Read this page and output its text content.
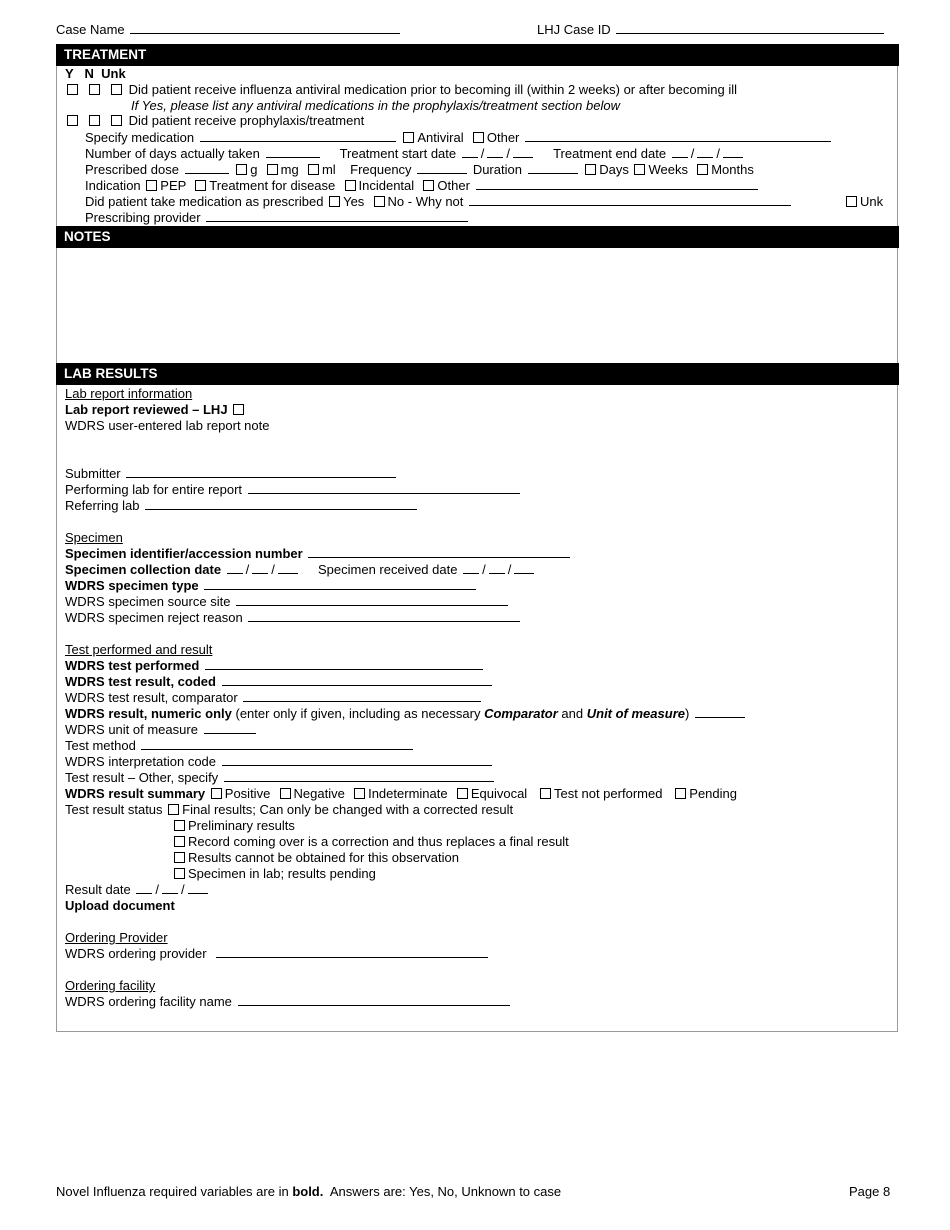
Case Name	LHJ Case ID
TREATMENT
Y N Unk
Did patient receive influenza antiviral medication prior to becoming ill (within 2 weeks) or after becoming ill
If Yes, please list any antiviral medications in the prophylaxis/treatment section below
Did patient receive prophylaxis/treatment
Specify medication	Antiviral Other
Number of days actually taken	Treatment start date / /	Treatment end date / /
Prescribed dose	g mg ml Frequency	Duration	Days Weeks Months
Indication PEP Treatment for disease Incidental Other
Did patient take medication as prescribed Yes No - Why not	Unk
Prescribing provider
NOTES
LAB RESULTS
Lab report information
Lab report reviewed – LHJ
WDRS user-entered lab report note
Submitter
Performing lab for entire report
Referring lab
Specimen
Specimen identifier/accession number
Specimen collection date / /	Specimen received date / /
WDRS specimen type
WDRS specimen source site
WDRS specimen reject reason
Test performed and result
WDRS test performed
WDRS test result, coded
WDRS test result, comparator
WDRS result, numeric only (enter only if given, including as necessary Comparator and Unit of measure)
WDRS unit of measure
Test method
WDRS interpretation code
Test result – Other, specify
WDRS result summary Positive Negative Indeterminate Equivocal Test not performed Pending
Test result status Final results; Can only be changed with a corrected result
Preliminary results
Record coming over is a correction and thus replaces a final result
Results cannot be obtained for this observation
Specimen in lab; results pending
Result date / /
Upload document
Ordering Provider
WDRS ordering provider
Ordering facility
WDRS ordering facility name
Novel Influenza required variables are in bold. Answers are: Yes, No, Unknown to case	Page 8
